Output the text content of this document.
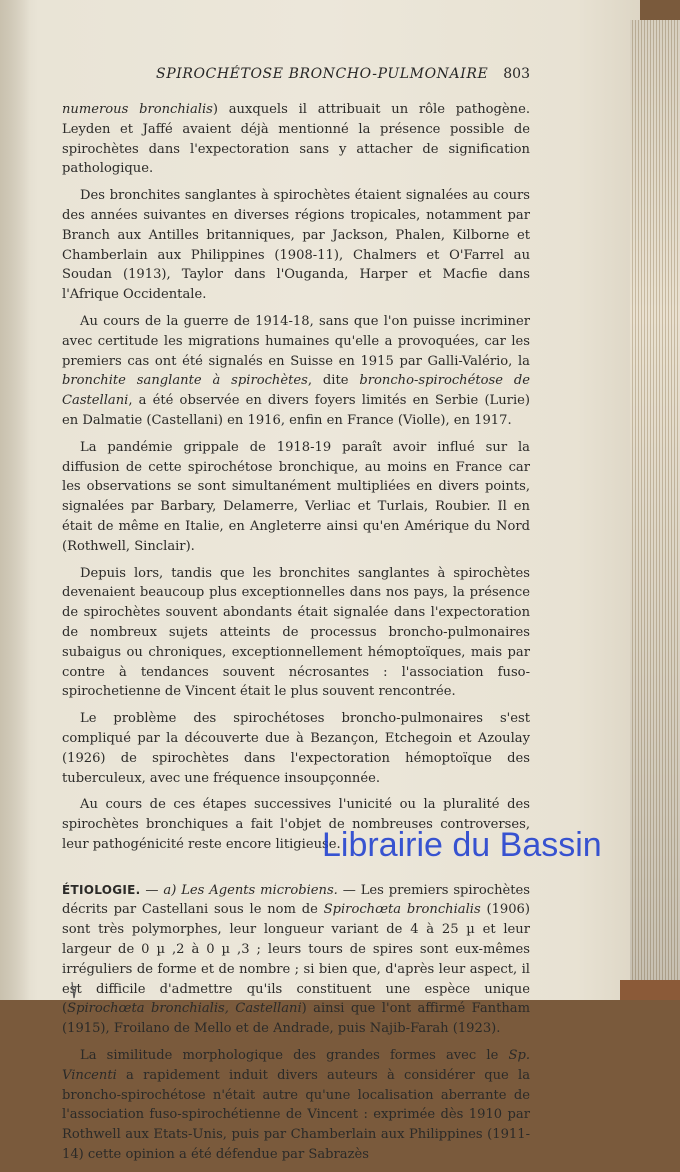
SPIROCHÉTOSE BRONCHO-PULMONAIRE 803

numerous bronchialis) auxquels il attribuait un rôle pathogène. Leyden et Jaffé avaient déjà mentionné la présence possible de spirochètes dans l'expectoration sans y attacher de signification pathologique.

Des bronchites sanglantes à spirochètes étaient signalées au cours des années suivantes en diverses régions tropicales, notamment par Branch aux Antilles britanniques, par Jackson, Phalen, Kilborne et Chamberlain aux Philippines (1908-11), Chalmers et O'Farrel au Soudan (1913), Taylor dans l'Ouganda, Harper et Macfie dans l'Afrique Occidentale.

Au cours de la guerre de 1914-18, sans que l'on puisse incriminer avec certitude les migrations humaines qu'elle a provoquées, car les premiers cas ont été signalés en Suisse en 1915 par Galli-Valério, la bronchite sanglante à spirochètes, dite broncho-spirochétose de Castellani, a été observée en divers foyers limités en Serbie (Lurie) en Dalmatie (Castellani) en 1916, enfin en France (Violle), en 1917.

La pandémie grippale de 1918-19 paraît avoir influé sur la diffusion de cette spirochétose bronchique, au moins en France car les observations se sont simultanément multipliées en divers points, signalées par Barbary, Delamerre, Verliac et Turlais, Roubier. Il en était de même en Italie, en Angleterre ainsi qu'en Amérique du Nord (Rothwell, Sinclair).

Depuis lors, tandis que les bronchites sanglantes à spirochètes devenaient beaucoup plus exceptionnelles dans nos pays, la présence de spirochètes souvent abondants était signalée dans l'expectoration de nombreux sujets atteints de processus broncho-pulmonaires subaigus ou chroniques, exceptionnellement hémoptoïques, mais par contre à tendances souvent nécrosantes : l'association fuso-spirochetienne de Vincent était le plus souvent rencontrée.

Le problème des spirochétoses broncho-pulmonaires s'est compliqué par la découverte due à Bezançon, Etchegoin et Azoulay (1926) de spirochètes dans l'expectoration hémoptoïque des tuberculeux, avec une fréquence insoupçonnée.

Au cours de ces étapes successives l'unicité ou la pluralité des spirochètes bronchiques a fait l'objet de nombreuses controverses, leur pathogénicité reste encore litigieuse.

ÉTIOLOGIE. — a) Les Agents microbiens. — Les premiers spirochètes décrits par Castellani sous le nom de Spirochœta bronchialis (1906) sont très polymorphes, leur longueur variant de 4 à 25 µ et leur largeur de 0 µ ,2 à 0 µ ,3 ; leurs tours de spires sont eux-mêmes irréguliers de forme et de nombre ; si bien que, d'après leur aspect, il est difficile d'admettre qu'ils constituent une espèce unique (Spirochœta bronchialis, Castellani) ainsi que l'ont affirmé Fantham (1915), Froilano de Mello et de Andrade, puis Najib-Farah (1923).

La similitude morphologique des grandes formes avec le Sp. Vincenti a rapidement induit divers auteurs à considérer que la broncho-spirochétose n'était autre qu'une localisation aberrante de l'association fuso-spirochétienne de Vincent : exprimée dès 1910 par Rothwell aux Etats-Unis, puis par Chamberlain aux Philippines (1911-14) cette opinion a été défendue par Sabrazès

Librairie du Bassin
